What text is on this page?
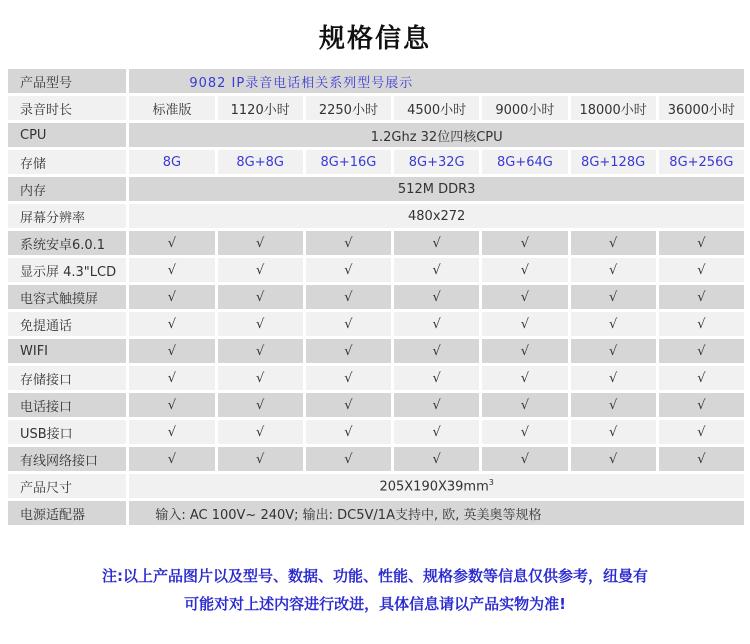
规格信息
产品型号	9082 IP录音电话相关系列型号展示						
录音时长	标准版	1120小时	2250小时	4500小时	9000小时	18000小时	36000小时
CPU	1.2Ghz 32位四核CPU						
存储	8G	8G+8G	8G+16G	8G+32G	8G+64G	8G+128G	8G+256G
内存	512M DDR3						
屏幕分辨率	480x272						
系统安卓6.0.1	√	√	√	√	√	√	√
显示屏 4.3"LCD	√	√	√	√	√	√	√
电容式触摸屏	√	√	√	√	√	√	√
免提通话	√	√	√	√	√	√	√
WIFI	√	√	√	√	√	√	√
存储接口	√	√	√	√	√	√	√
电话接口	√	√	√	√	√	√	√
USB接口	√	√	√	√	√	√	√
有线网络接口	√	√	√	√	√	√	√
产品尺寸	$205X190X39mm^3$
电源适配器	输入: AC 100V~ 240V; 输出: DC5V/1A支持中, 欧, 英美奥等规格						
注:以上产品图片以及型号、数据、功能、性能、规格参数等信息仅供参考，纽曼有
可能对对上述内容进行改进，具体信息请以产品实物为准!
